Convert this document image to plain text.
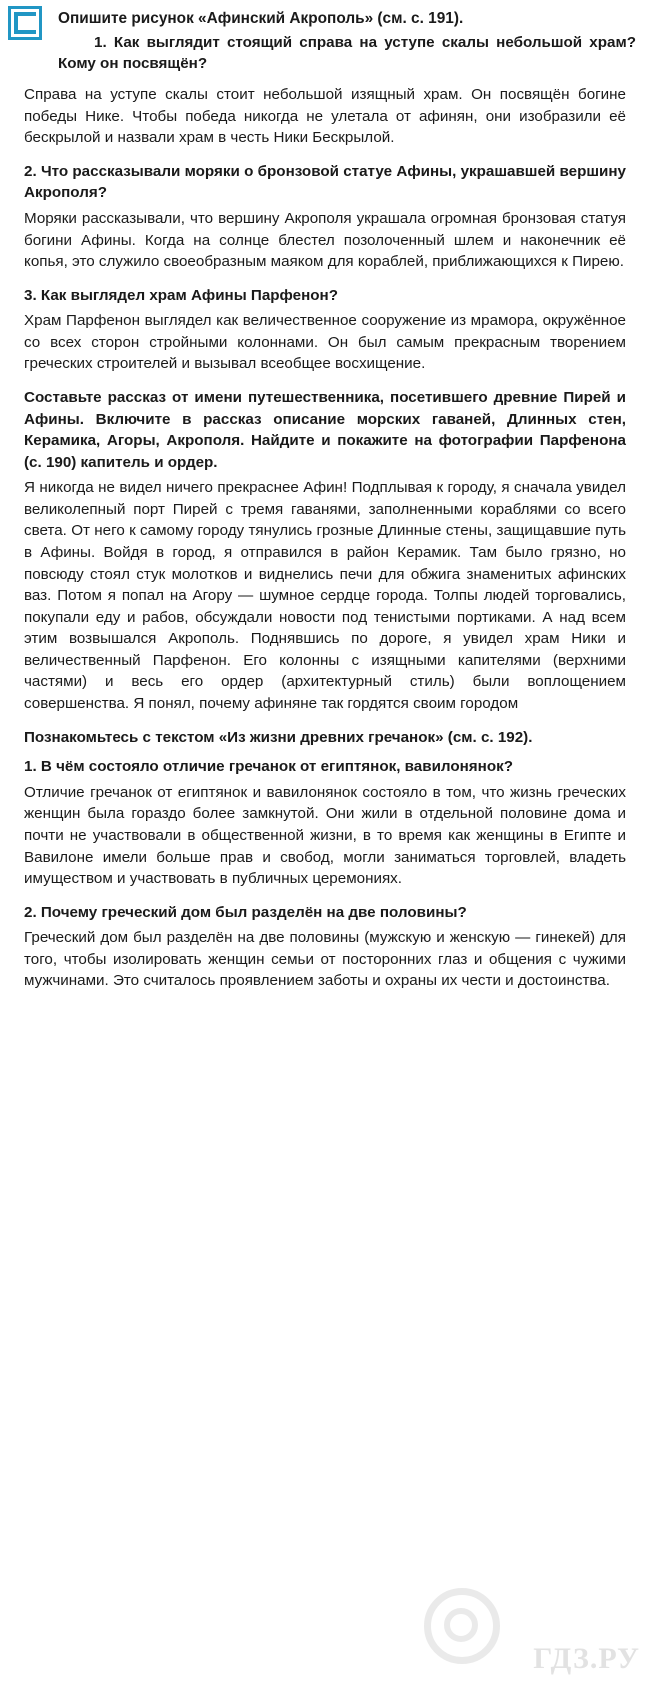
Опишите рисунок «Афинский Акрополь» (см. с. 191).

1. Как выглядит стоящий справа на уступе скалы небольшой храм? Кому он посвящён?

Справа на уступе скалы стоит небольшой изящный храм. Он посвящён богине победы Нике. Чтобы победа никогда не улетала от афинян, они изобразили её бескрылой и назвали храм в честь Ники Бескрылой.

2. Что рассказывали моряки о бронзовой статуе Афины, украшавшей вершину Акрополя?

Моряки рассказывали, что вершину Акрополя украшала огромная бронзовая статуя богини Афины. Когда на солнце блестел позолоченный шлем и наконечник её копья, это служило своеобразным маяком для кораблей, приближающихся к Пирею.

3. Как выглядел храм Афины Парфенон?

Храм Парфенон выглядел как величественное сооружение из мрамора, окружённое со всех сторон стройными колоннами. Он был самым прекрасным творением греческих строителей и вызывал всеобщее восхищение.

Составьте рассказ от имени путешественника, посетившего древние Пирей и Афины. Включите в рассказ описание морских гаваней, Длинных стен, Керамика, Агоры, Акрополя. Найдите и покажите на фотографии Парфенона (с. 190) капитель и ордер.

Я никогда не видел ничего прекраснее Афин! Подплывая к городу, я сначала увидел великолепный порт Пирей с тремя гаванями, заполненными кораблями со всего света. От него к самому городу тянулись грозные Длинные стены, защищавшие путь в Афины. Войдя в город, я отправился в район Керамик. Там было грязно, но повсюду стоял стук молотков и виднелись печи для обжига знаменитых афинских ваз. Потом я попал на Агору — шумное сердце города. Толпы людей торговались, покупали еду и рабов, обсуждали новости под тенистыми портиками. А над всем этим возвышался Акрополь. Поднявшись по дороге, я увидел храм Ники и величественный Парфенон. Его колонны с изящными капителями (верхними частями) и весь его ордер (архитектурный стиль) были воплощением совершенства. Я понял, почему афиняне так гордятся своим городом

Познакомьтесь с текстом «Из жизни древних гречанок» (см. с. 192).

1. В чём состояло отличие гречанок от египтянок, вавилонянок?

Отличие гречанок от египтянок и вавилонянок состояло в том, что жизнь греческих женщин была гораздо более замкнутой. Они жили в отдельной половине дома и почти не участвовали в общественной жизни, в то время как женщины в Египте и Вавилоне имели больше прав и свобод, могли заниматься торговлей, владеть имуществом и участвовать в публичных церемониях.

2. Почему греческий дом был разделён на две половины?

Греческий дом был разделён на две половины (мужскую и женскую — гинекей) для того, чтобы изолировать женщин семьи от посторонних глаз и общения с чужими мужчинами. Это считалось проявлением заботы и охраны их чести и достоинства.

ГДЗ.РУ
